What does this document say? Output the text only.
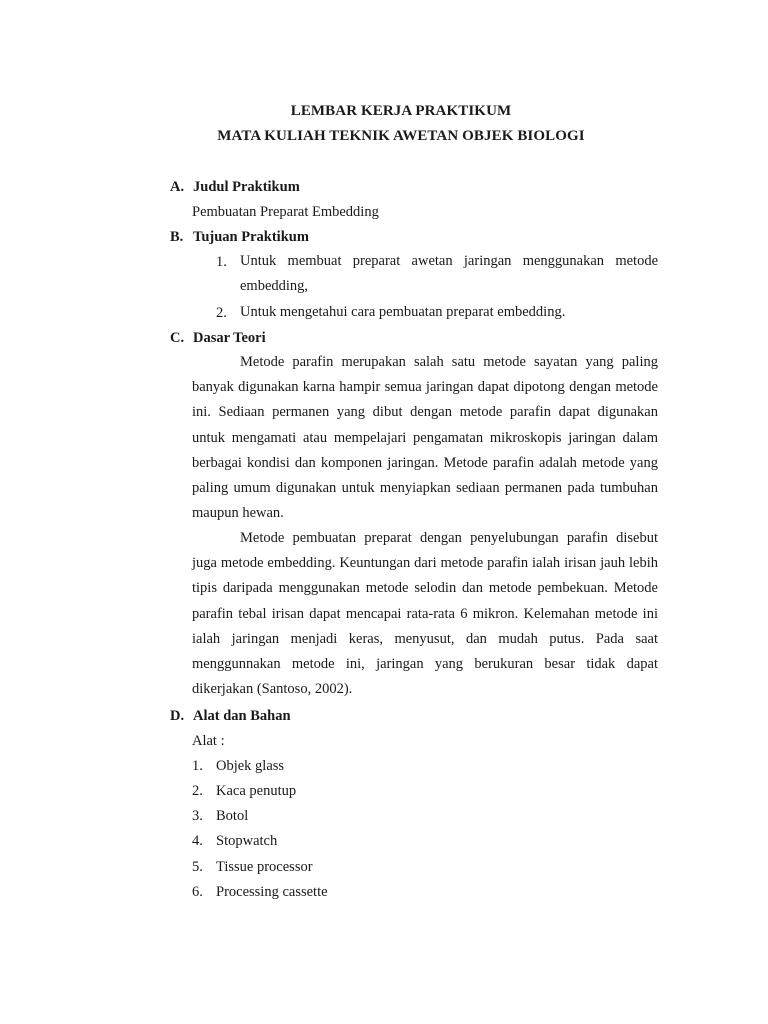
LEMBAR KERJA PRAKTIKUM
MATA KULIAH TEKNIK AWETAN OBJEK BIOLOGI
A. Judul Praktikum
Pembuatan Preparat Embedding
B. Tujuan Praktikum
1. Untuk membuat preparat awetan jaringan menggunakan metode embedding,

2. Untuk mengetahui cara pembuatan preparat embedding.

C. Dasar Teori

Metode parafin merupakan salah satu metode sayatan yang paling banyak digunakan karna hampir semua jaringan dapat dipotong dengan metode ini. Sediaan permanen yang dibut dengan metode parafin dapat digunakan untuk mengamati atau mempelajari pengamatan mikroskopis jaringan dalam berbagai kondisi dan komponen jaringan. Metode parafin adalah metode yang paling umum digunakan untuk menyiapkan sediaan permanen pada tumbuhan maupun hewan.

Metode pembuatan preparat dengan penyelubungan parafin disebut juga metode embedding. Keuntungan dari metode parafin ialah irisan jauh lebih tipis daripada menggunakan metode selodin dan metode pembekuan. Metode parafin tebal irisan dapat mencapai rata-rata 6 mikron. Kelemahan metode ini ialah jaringan menjadi keras, menyusut, dan mudah putus. Pada saat menggunnakan metode ini, jaringan yang berukuran besar tidak dapat dikerjakan (Santoso, 2002).

D. Alat dan Bahan
Alat :
1. Objek glass
2. Kaca penutup
3. Botol
4. Stopwatch
5. Tissue processor
6. Processing cassette
